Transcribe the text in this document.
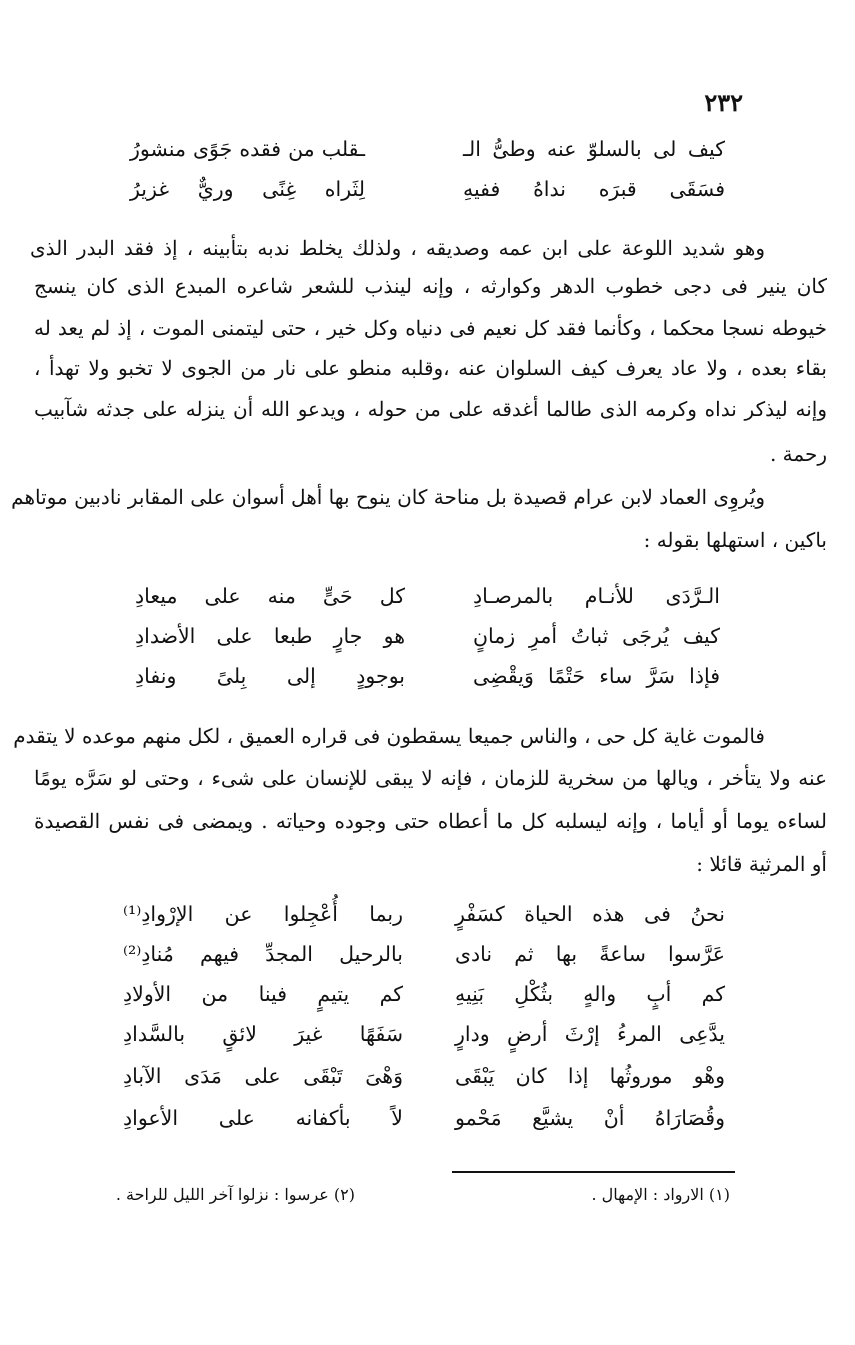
٢٣٢
كيف لى بالسلوّ عنه وطىُّ الـ
ـقلب من فقده جَوًى منشورُ
فسَقَى قبرَه نداهُ ففيهِ
لِثَراه غِنًى وريٌّ غزيرُ
وهو شديد اللوعة على ابن عمه وصديقه ، ولذلك يخلط ندبه بتأبينه ، إذ فقد البدر الذى
كان ينير فى دجى خطوب الدهر وكوارثه ، وإنه لينذب للشعر شاعره المبدع الذى كان ينسج
خيوطه نسجا محكما ، وكأنما فقد كل نعيم فى دنياه وكل خير ، حتى ليتمنى الموت ، إذ لم يعد له
بقاء بعده ، ولا عاد يعرف كيف السلوان عنه ،وقلبه منطو على نار من الجوى لا تخبو ولا تهدأ ،
وإنه ليذكر نداه وكرمه الذى طالما أغدقه على من حوله ، ويدعو الله أن ينزله على جدثه شآبيب
رحمة .
ويُروِى العماد لابن عرام قصيدة بل مناحة كان ينوح بها أهل أسوان على المقابر نادبين موتاهم
باكين ، استهلها بقوله :
الـرَّدَى للأنـام بالمرصـادِ
كل حَىٍّ منه على ميعادِ
كيف يُرجَى ثباتُ أمرِ زمانٍ
هو جارٍ طبعا على الأضدادِ
فإذا سَرَّ ساء حَتْمًا وَيقْضِى
بوجودٍ إلى بِلىً ونفادِ
فالموت غاية كل حى ، والناس جميعا يسقطون فى قراره العميق ، لكل منهم موعده لا يتقدم
عنه ولا يتأخر ، ويالها من سخرية للزمان ، فإنه لا يبقى للإنسان على شىء ، وحتى لو سَرَّه يومًا
لساءه يوما أو أياما ، وإنه ليسلبه كل ما أعطاه حتى وجوده وحياته . ويمضى فى نفس القصيدة
أو المرثية قائلا :
نحنُ فى هذه الحياة كسَفْرٍ
ربما أُعْجِلوا عن الإرْوادِ⁽¹⁾
عَرَّسوا ساعةً بها ثم نادى
بالرحيل المجدِّ فيهم مُنادِ⁽²⁾
كم أبٍ والهٍ بثُكْلِ بَنِيهِ
كم يتيمٍ فينا من الأولادِ
يدَّعِى المرءُ إرْثَ أرضٍ ودارٍ
سَفَهًا غيرَ لائقٍ بالسَّدادِ
وهْو موروثُها إذا كان يَبْقَى
وَهْىَ تَبْقَى على مَدَى الآبادِ
وقُصَارَاهُ أنْ يشيَّع مَحْمو
لاً بأكفانه على الأعوادِ
(١) الارواد : الإمهال .
(٢) عرسوا : نزلوا آخر الليل للراحة .
